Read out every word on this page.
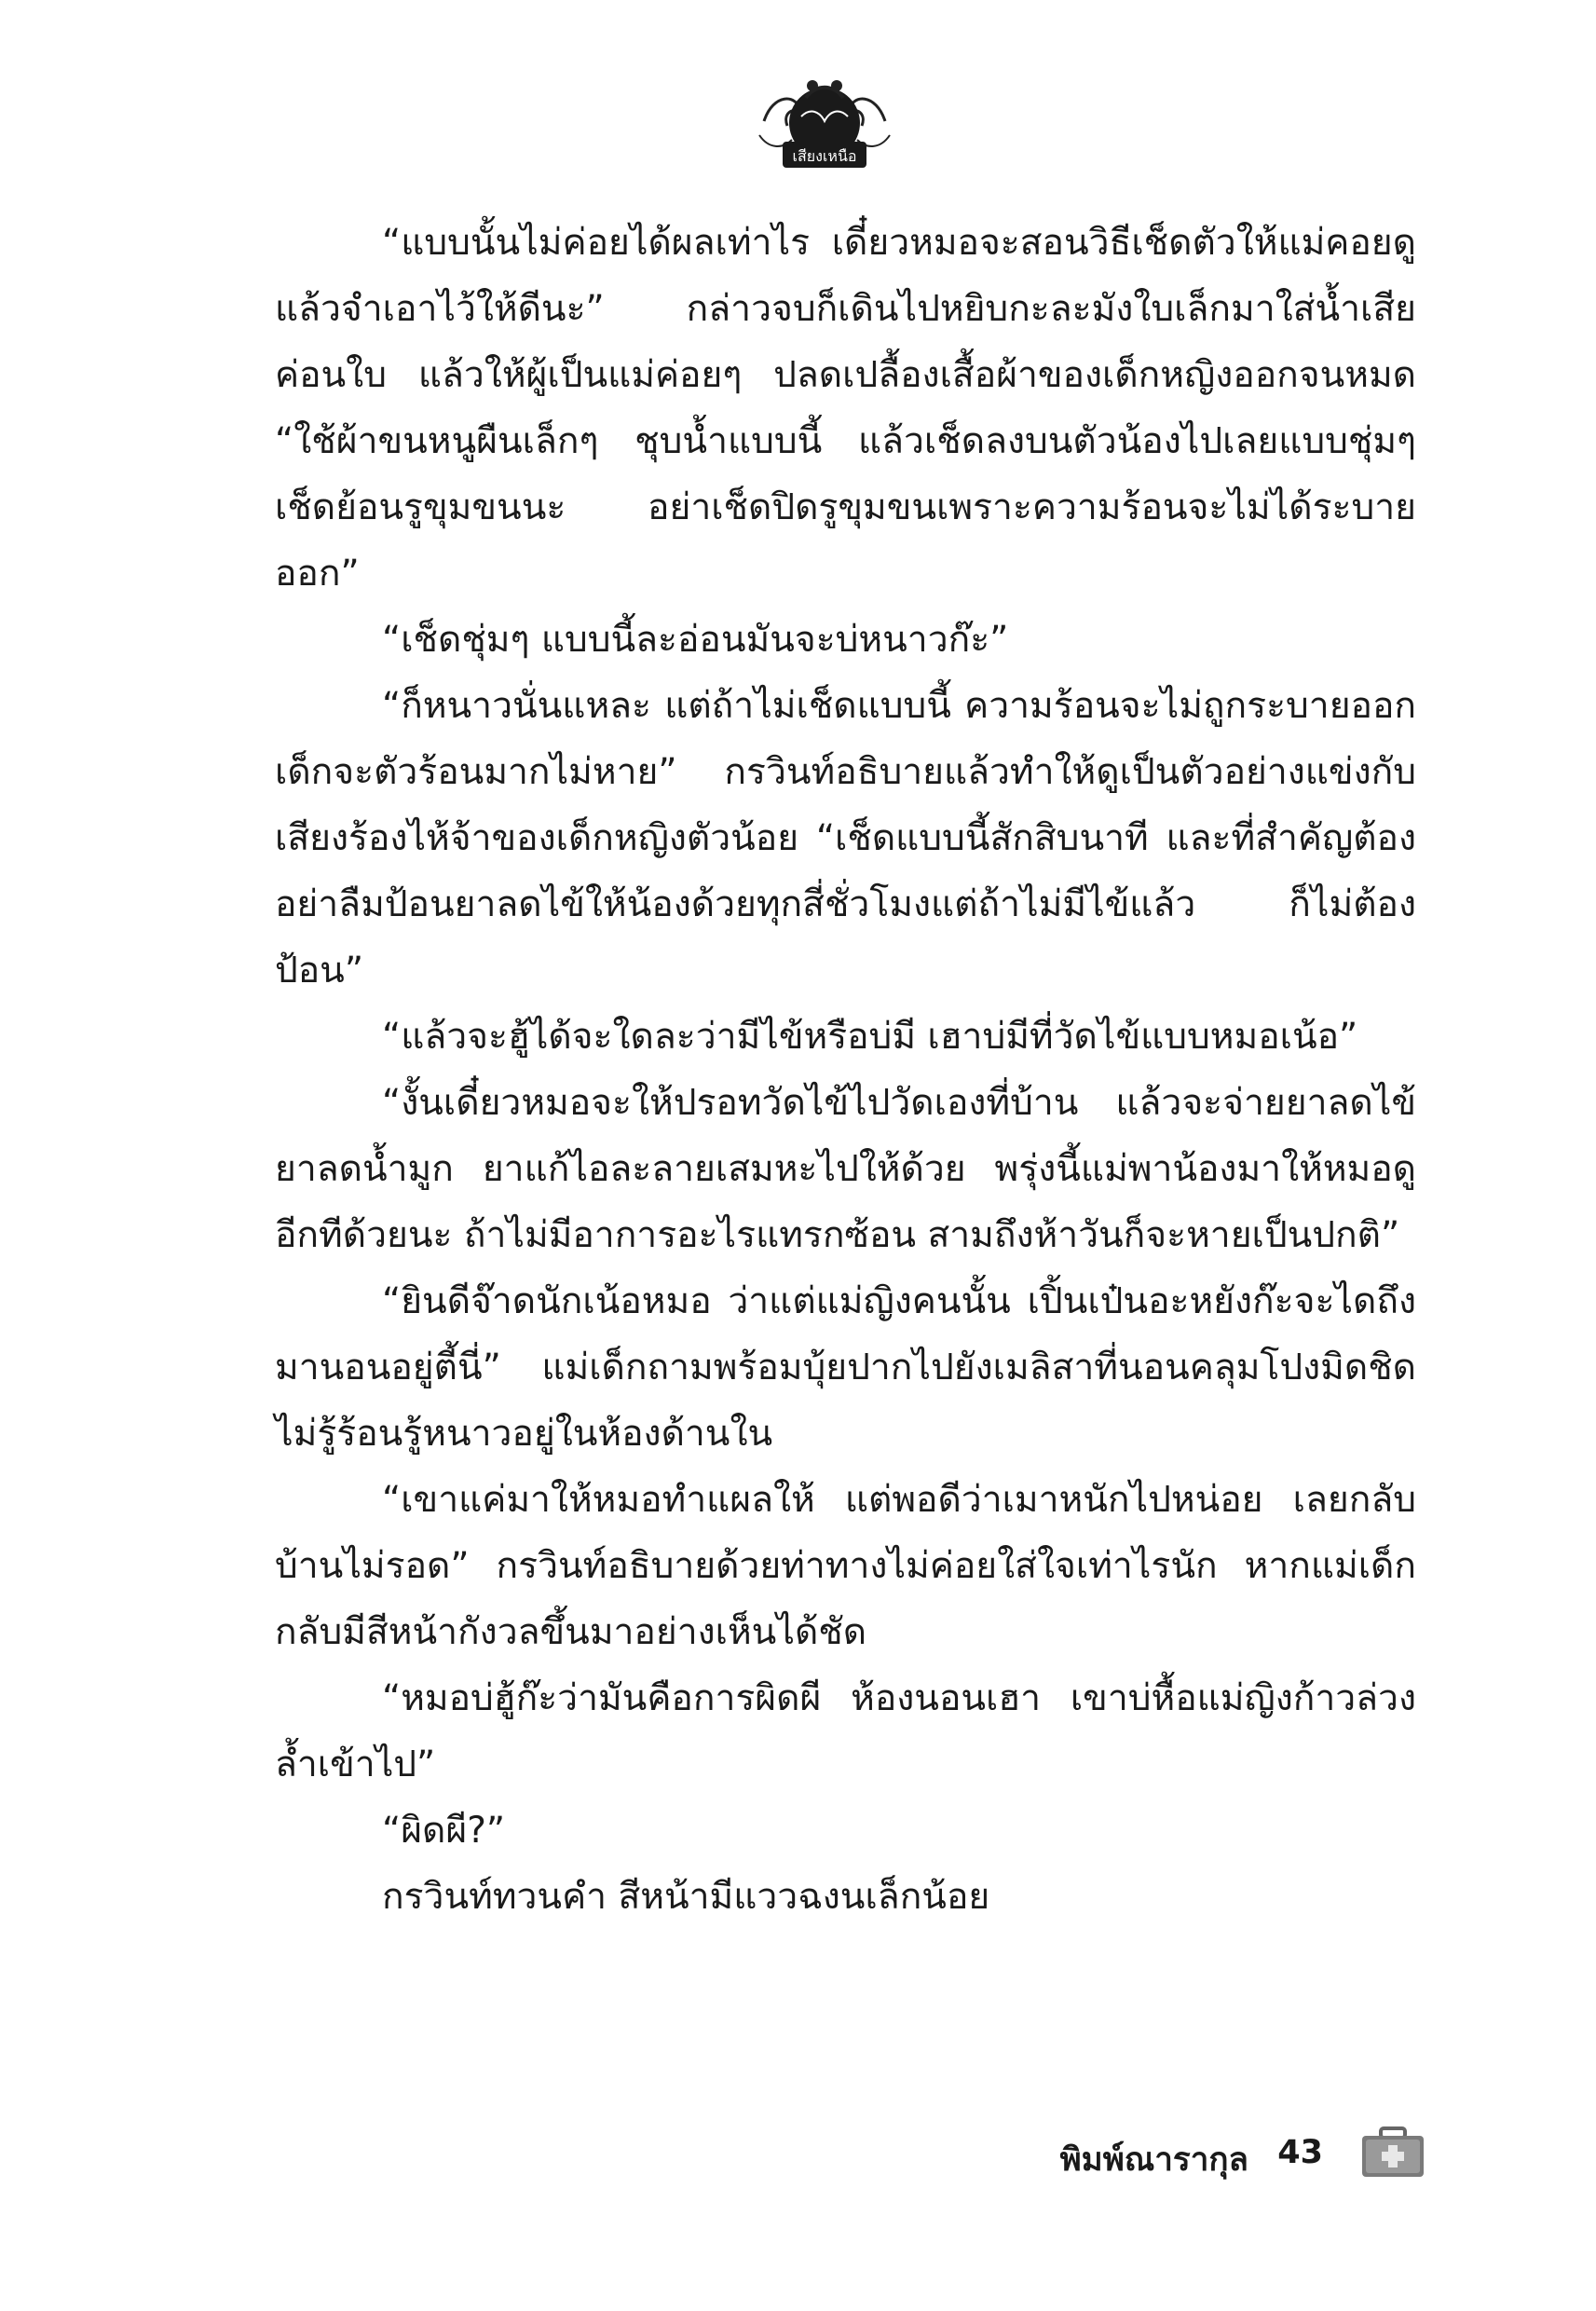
เสียงเหนือ

“แบบนั้นไม่ค่อยได้ผลเท่าไร เดี๋ยวหมอจะสอนวิธีเช็ดตัวให้แม่คอยดูแล้วจำเอาไว้ให้ดีนะ” กล่าวจบก็เดินไปหยิบกะละมังใบเล็กมาใส่น้ำเสียค่อนใบ แล้วให้ผู้เป็นแม่ค่อยๆ ปลดเปลื้องเสื้อผ้าของเด็กหญิงออกจนหมด “ใช้ผ้าขนหนูผืนเล็กๆ ชุบน้ำแบบนี้ แล้วเช็ดลงบนตัวน้องไปเลยแบบชุ่มๆ เช็ดย้อนรูขุมขนนะ อย่าเช็ดปิดรูขุมขนเพราะความร้อนจะไม่ได้ระบายออก”

“เช็ดชุ่มๆ แบบนี้ละอ่อนมันจะบ่หนาวก๊ะ”

“ก็หนาวนั่นแหละ แต่ถ้าไม่เช็ดแบบนี้ ความร้อนจะไม่ถูกระบายออก เด็กจะตัวร้อนมากไม่หาย” กรวินท์อธิบายแล้วทำให้ดูเป็นตัวอย่างแข่งกับเสียงร้องไห้จ้าของเด็กหญิงตัวน้อย “เช็ดแบบนี้สักสิบนาที และที่สำคัญต้องอย่าลืมป้อนยาลดไข้ให้น้องด้วยทุกสี่ชั่วโมงแต่ถ้าไม่มีไข้แล้ว ก็ไม่ต้องป้อน”

“แล้วจะฮู้ได้จะใดละว่ามีไข้หรือบ่มี เฮาบ่มีที่วัดไข้แบบหมอเน้อ”

“งั้นเดี๋ยวหมอจะให้ปรอทวัดไข้ไปวัดเองที่บ้าน แล้วจะจ่ายยาลดไข้ยาลดน้ำมูก ยาแก้ไอละลายเสมหะไปให้ด้วย พรุ่งนี้แม่พาน้องมาให้หมอดูอีกทีด้วยนะ ถ้าไม่มีอาการอะไรแทรกซ้อน สามถึงห้าวันก็จะหายเป็นปกติ”

“ยินดีจ๊าดนักเน้อหมอ ว่าแต่แม่ญิงคนนั้น เปิ้นเป๋นอะหยังก๊ะจะไดถึงมานอนอยู่ตี้นี่” แม่เด็กถามพร้อมบุ้ยปากไปยังเมลิสาที่นอนคลุมโปงมิดชิดไม่รู้ร้อนรู้หนาวอยู่ในห้องด้านใน

“เขาแค่มาให้หมอทำแผลให้ แต่พอดีว่าเมาหนักไปหน่อย เลยกลับบ้านไม่รอด” กรวินท์อธิบายด้วยท่าทางไม่ค่อยใส่ใจเท่าไรนัก หากแม่เด็กกลับมีสีหน้ากังวลขึ้นมาอย่างเห็นได้ชัด

“หมอบ่ฮู้ก๊ะว่ามันคือการผิดผี ห้องนอนเฮา เขาบ่หื้อแม่ญิงก้าวล่วงล้ำเข้าไป”

“ผิดผี?”

กรวินท์ทวนคำ สีหน้ามีแววฉงนเล็กน้อย

พิมพ์ณารากุล 43
